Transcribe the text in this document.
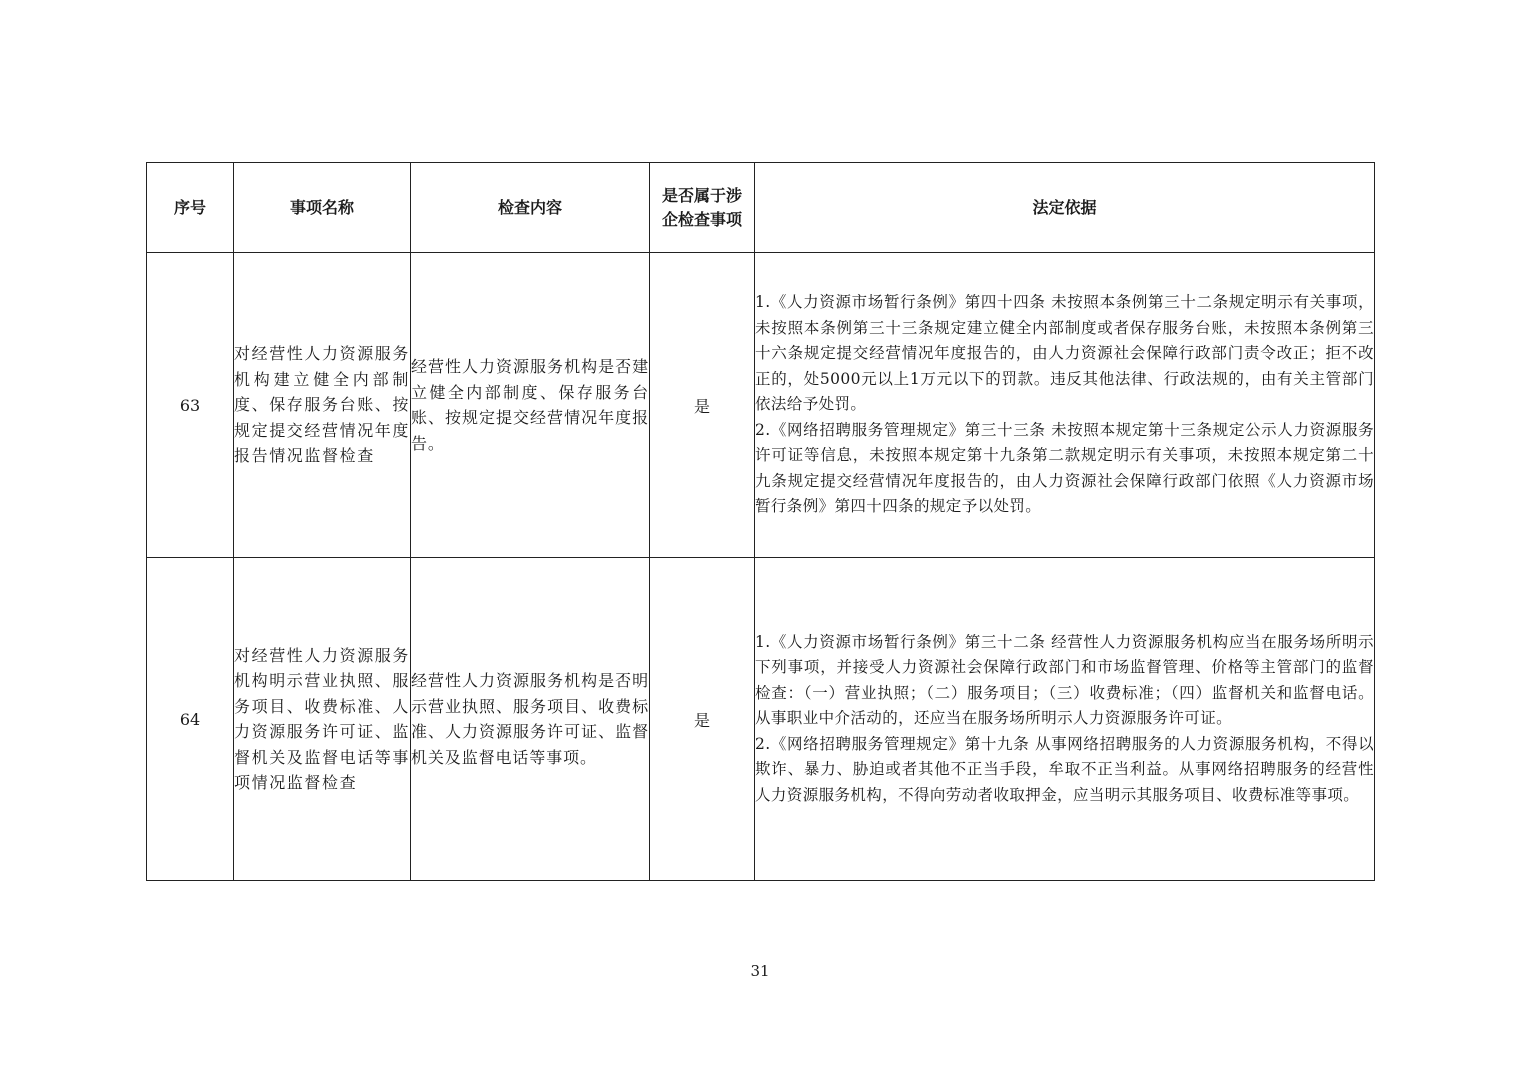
序号	事项名称	检查内容	是否属于涉企检查事项	法定依据
63	对经营性人力资源服务机构建立健全内部制度、保存服务台账、按规定提交经营情况年度报告情况监督检查	经营性人力资源服务机构是否建立健全内部制度、保存服务台账、按规定提交经营情况年度报告。	是	1.《人力资源市场暂行条例》第四十四条 未按照本条例第三十二条规定明示有关事项，未按照本条例第三十三条规定建立健全内部制度或者保存服务台账，未按照本条例第三十六条规定提交经营情况年度报告的，由人力资源社会保障行政部门责令改正；拒不改正的，处5000元以上1万元以下的罚款。违反其他法律、行政法规的，由有关主管部门依法给予处罚。

2.《网络招聘服务管理规定》第三十三条 未按照本规定第十三条规定公示人力资源服务许可证等信息，未按照本规定第十九条第二款规定明示有关事项，未按照本规定第二十九条规定提交经营情况年度报告的，由人力资源社会保障行政部门依照《人力资源市场暂行条例》第四十四条的规定予以处罚。

64	对经营性人力资源服务机构明示营业执照、服务项目、收费标准、人力资源服务许可证、监督机关及监督电话等事项情况监督检查	经营性人力资源服务机构是否明示营业执照、服务项目、收费标准、人力资源服务许可证、监督机关及监督电话等事项。	是	1.《人力资源市场暂行条例》第三十二条 经营性人力资源服务机构应当在服务场所明示下列事项，并接受人力资源社会保障行政部门和市场监督管理、价格等主管部门的监督检查：（一）营业执照；（二）服务项目；（三）收费标准；（四）监督机关和监督电话。从事职业中介活动的，还应当在服务场所明示人力资源服务许可证。

2.《网络招聘服务管理规定》第十九条 从事网络招聘服务的人力资源服务机构，不得以欺诈、暴力、胁迫或者其他不正当手段，牟取不正当利益。从事网络招聘服务的经营性人力资源服务机构，不得向劳动者收取押金，应当明示其服务项目、收费标准等事项。

31
